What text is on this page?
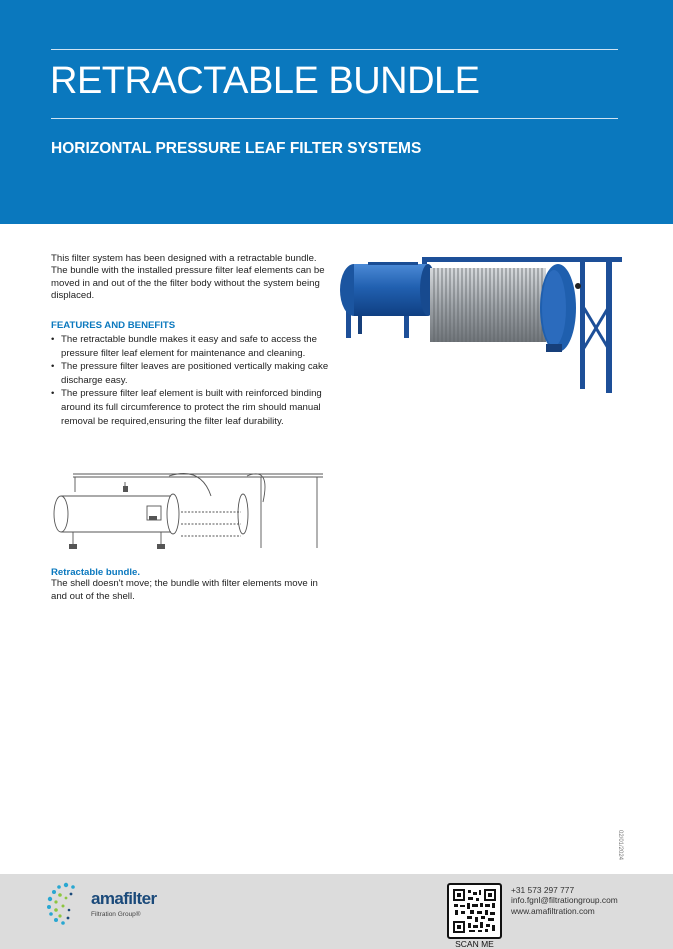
RETRACTABLE BUNDLE
HORIZONTAL PRESSURE LEAF FILTER SYSTEMS

This filter system has been designed with a retractable bundle. The bundle with the installed pressure filter leaf elements can be moved in and out of the the filter body without the system being displaced.

FEATURES AND BENEFITS
• The retractable bundle makes it easy and safe to access the pressure filter leaf element for maintenance and cleaning.
• The pressure filter leaves are positioned vertically making cake discharge easy.
• The pressure filter leaf element is built with reinforced binding around its full circumference to protect the rim should manual removal be required,ensuring the filter leaf durability.
Retractable bundle.

The shell doesn't move; the bundle with filter elements move in and out of the shell.

02/01/2024
amafilter
Filtration Group®
SCAN ME
+31 573 297 777
info.fgnl@filtrationgroup.com
www.amafiltration.com
